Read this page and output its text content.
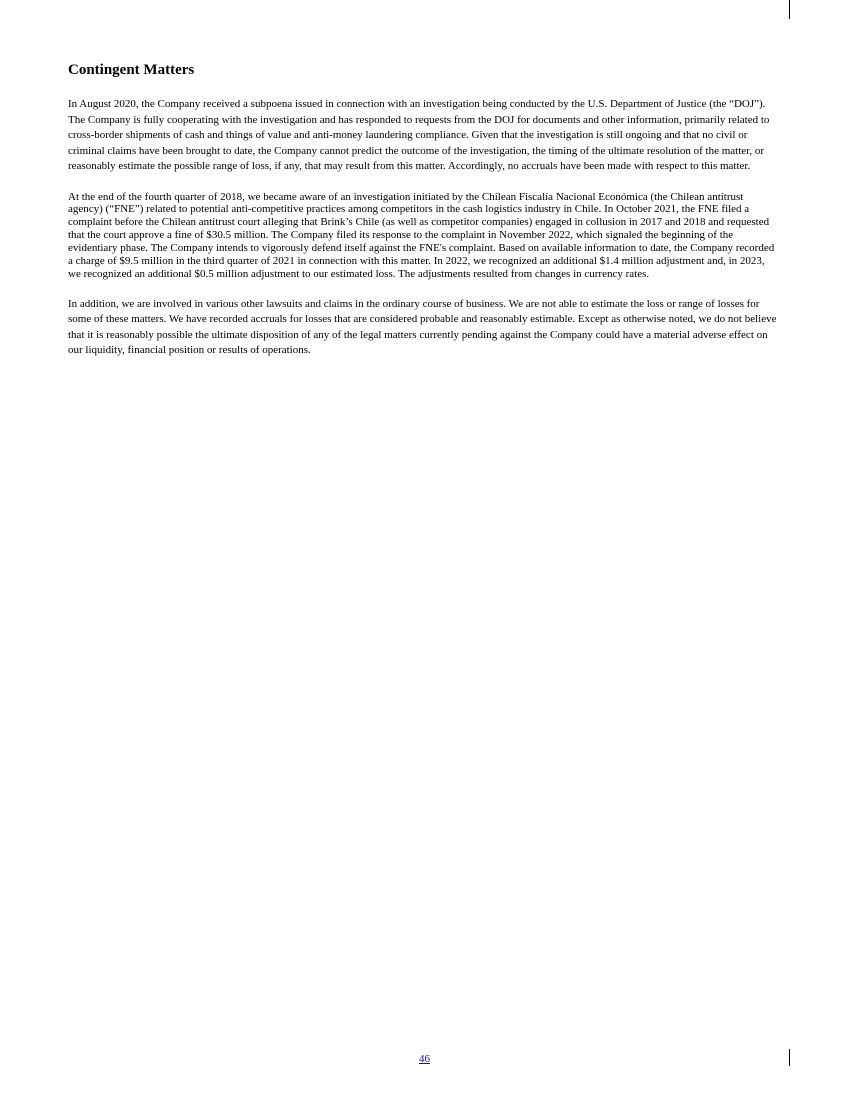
Contingent Matters

In August 2020, the Company received a subpoena issued in connection with an investigation being conducted by the U.S. Department of Justice (the “DOJ”). The Company is fully cooperating with the investigation and has responded to requests from the DOJ for documents and other information, primarily related to cross-border shipments of cash and things of value and anti-money laundering compliance. Given that the investigation is still ongoing and that no civil or criminal claims have been brought to date, the Company cannot predict the outcome of the investigation, the timing of the ultimate resolution of the matter, or reasonably estimate the possible range of loss, if any, that may result from this matter. Accordingly, no accruals have been made with respect to this matter.

At the end of the fourth quarter of 2018, we became aware of an investigation initiated by the Chilean Fiscalía Nacional Económica (the Chilean antitrust agency) (“FNE”) related to potential anti-competitive practices among competitors in the cash logistics industry in Chile. In October 2021, the FNE filed a complaint before the Chilean antitrust court alleging that Brink’s Chile (as well as competitor companies) engaged in collusion in 2017 and 2018 and requested that the court approve a fine of $30.5 million. The Company filed its response to the complaint in November 2022, which signaled the beginning of the evidentiary phase. The Company intends to vigorously defend itself against the FNE's complaint. Based on available information to date, the Company recorded a charge of $9.5 million in the third quarter of 2021 in connection with this matter. In 2022, we recognized an additional $1.4 million adjustment and, in 2023, we recognized an additional $0.5 million adjustment to our estimated loss. The adjustments resulted from changes in currency rates.

In addition, we are involved in various other lawsuits and claims in the ordinary course of business. We are not able to estimate the loss or range of losses for some of these matters. We have recorded accruals for losses that are considered probable and reasonably estimable. Except as otherwise noted, we do not believe that it is reasonably possible the ultimate disposition of any of the legal matters currently pending against the Company could have a material adverse effect on our liquidity, financial position or results of operations.

46
